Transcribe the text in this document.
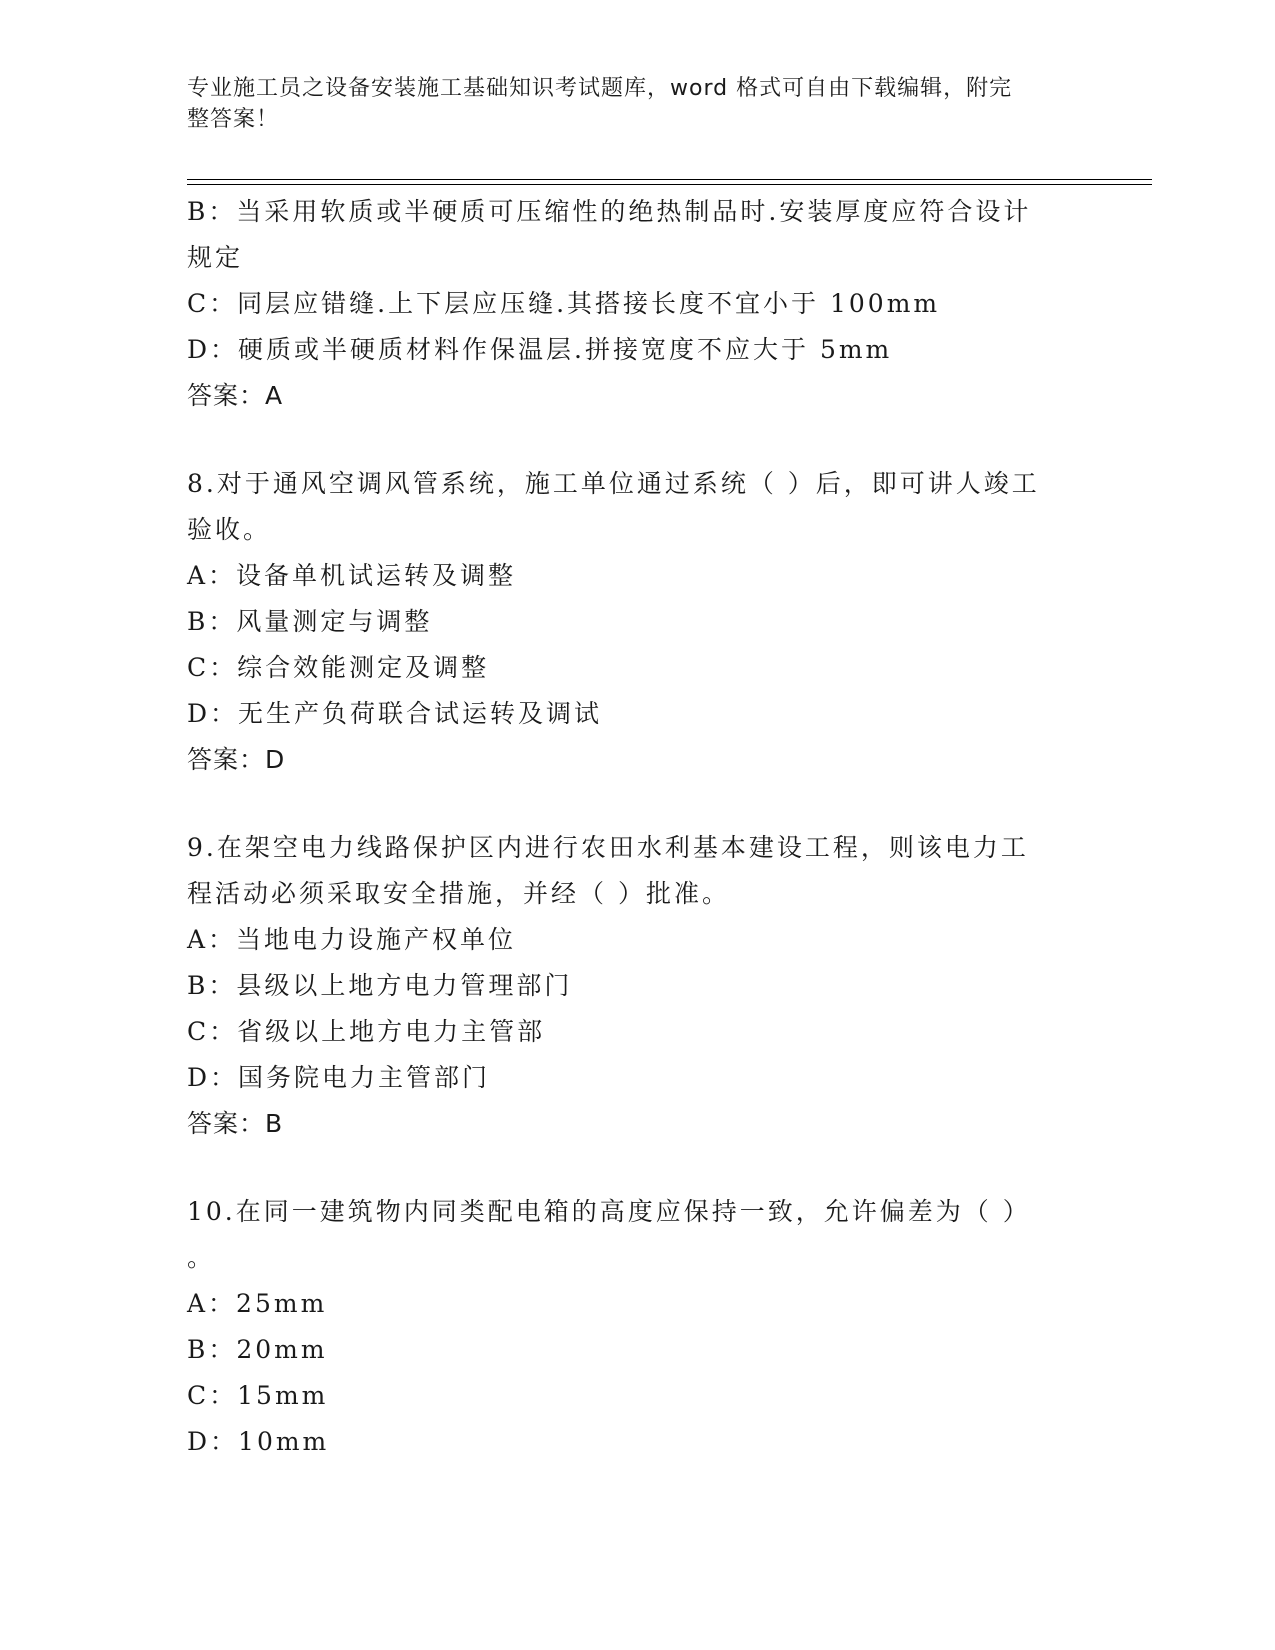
专业施工员之设备安装施工基础知识考试题库，word 格式可自由下载编辑，附完
整答案！
B：当采用软质或半硬质可压缩性的绝热制品时.安装厚度应符合设计
规定
C：同层应错缝.上下层应压缝.其搭接长度不宜小于 100mm
D：硬质或半硬质材料作保温层.拼接宽度不应大于 5mm
答案：A
8.对于通风空调风管系统，施工单位通过系统（ ）后，即可讲人竣工
验收。
A：设备单机试运转及调整
B：风量测定与调整
C：综合效能测定及调整
D：无生产负荷联合试运转及调试
答案：D
9.在架空电力线路保护区内进行农田水利基本建设工程，则该电力工
程活动必须采取安全措施，并经（ ）批准。
A：当地电力设施产权单位
B：县级以上地方电力管理部门
C：省级以上地方电力主管部
D：国务院电力主管部门
答案：B
10.在同一建筑物内同类配电箱的高度应保持一致，允许偏差为（ ）
。
A：25mm
B：20mm
C：15mm
D：10mm
